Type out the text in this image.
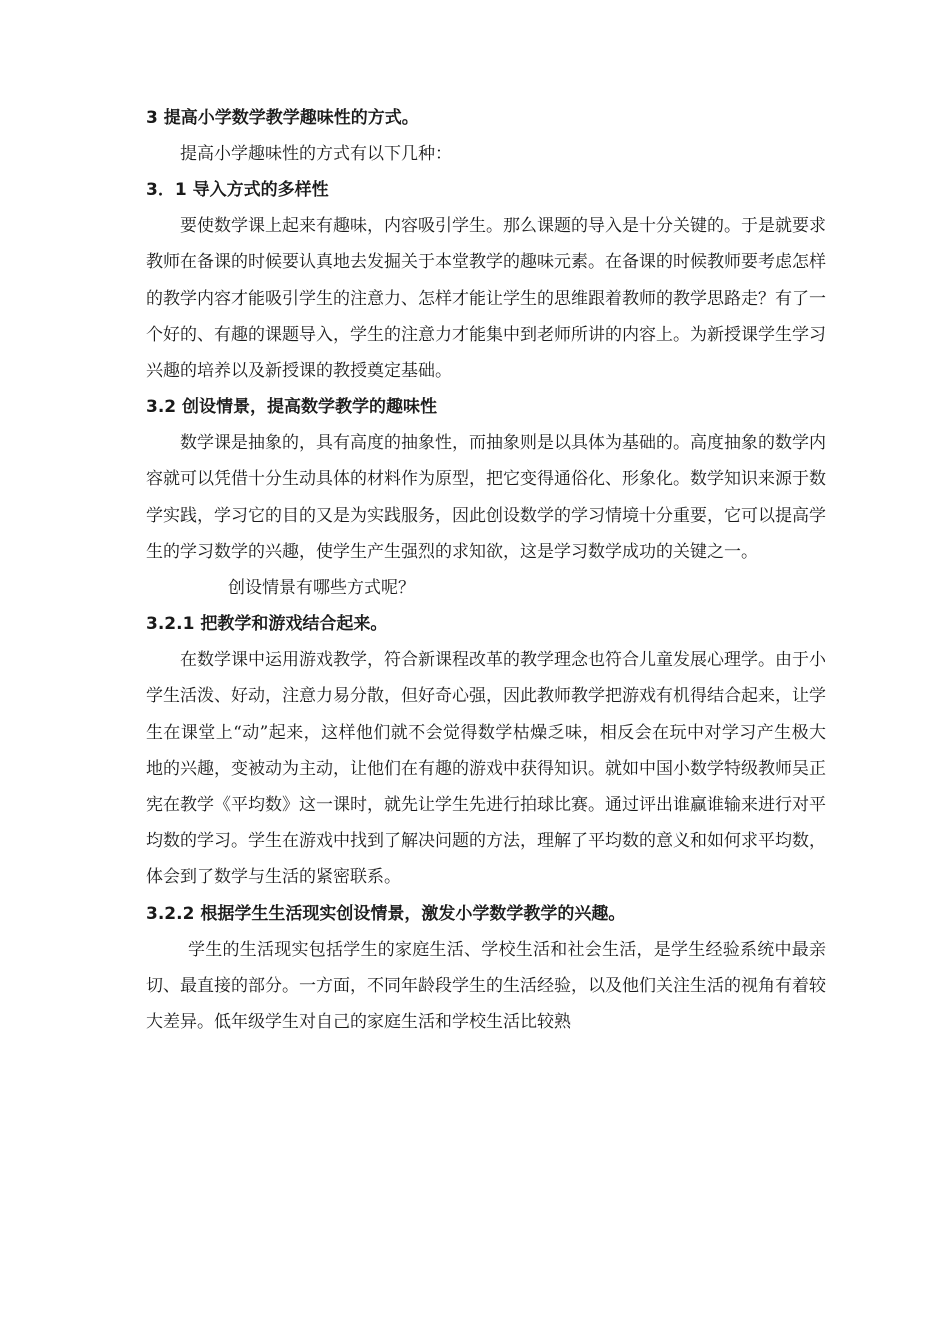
3 提高小学数学教学趣味性的方式。

提高小学趣味性的方式有以下几种：

3．1 导入方式的多样性

要使数学课上起来有趣味，内容吸引学生。那么课题的导入是十分关键的。于是就要求教师在备课的时候要认真地去发掘关于本堂教学的趣味元素。在备课的时候教师要考虑怎样的教学内容才能吸引学生的注意力、怎样才能让学生的思维跟着教师的教学思路走？有了一个好的、有趣的课题导入，学生的注意力才能集中到老师所讲的内容上。为新授课学生学习兴趣的培养以及新授课的教授奠定基础。

3.2 创设情景，提高数学教学的趣味性

数学课是抽象的，具有高度的抽象性，而抽象则是以具体为基础的。高度抽象的数学内容就可以凭借十分生动具体的材料作为原型，把它变得通俗化、形象化。数学知识来源于数学实践，学习它的目的又是为实践服务，因此创设数学的学习情境十分重要，它可以提高学生的学习数学的兴趣，使学生产生强烈的求知欲，这是学习数学成功的关键之一。

创设情景有哪些方式呢？

3.2.1 把教学和游戏结合起来。

在数学课中运用游戏教学，符合新课程改革的教学理念也符合儿童发展心理学。由于小学生活泼、好动，注意力易分散，但好奇心强，因此教师教学把游戏有机得结合起来，让学生在课堂上“动”起来，这样他们就不会觉得数学枯燥乏味，相反会在玩中对学习产生极大地的兴趣，变被动为主动，让他们在有趣的游戏中获得知识。就如中国小数学特级教师吴正宪在教学《平均数》这一课时，就先让学生先进行拍球比赛。通过评出谁赢谁输来进行对平均数的学习。学生在游戏中找到了解决问题的方法，理解了平均数的意义和如何求平均数，体会到了数学与生活的紧密联系。

3.2.2 根据学生生活现实创设情景，激发小学数学教学的兴趣。

学生的生活现实包括学生的家庭生活、学校生活和社会生活，是学生经验系统中最亲切、最直接的部分。一方面，不同年龄段学生的生活经验，以及他们关注生活的视角有着较大差异。低年级学生对自己的家庭生活和学校生活比较熟
